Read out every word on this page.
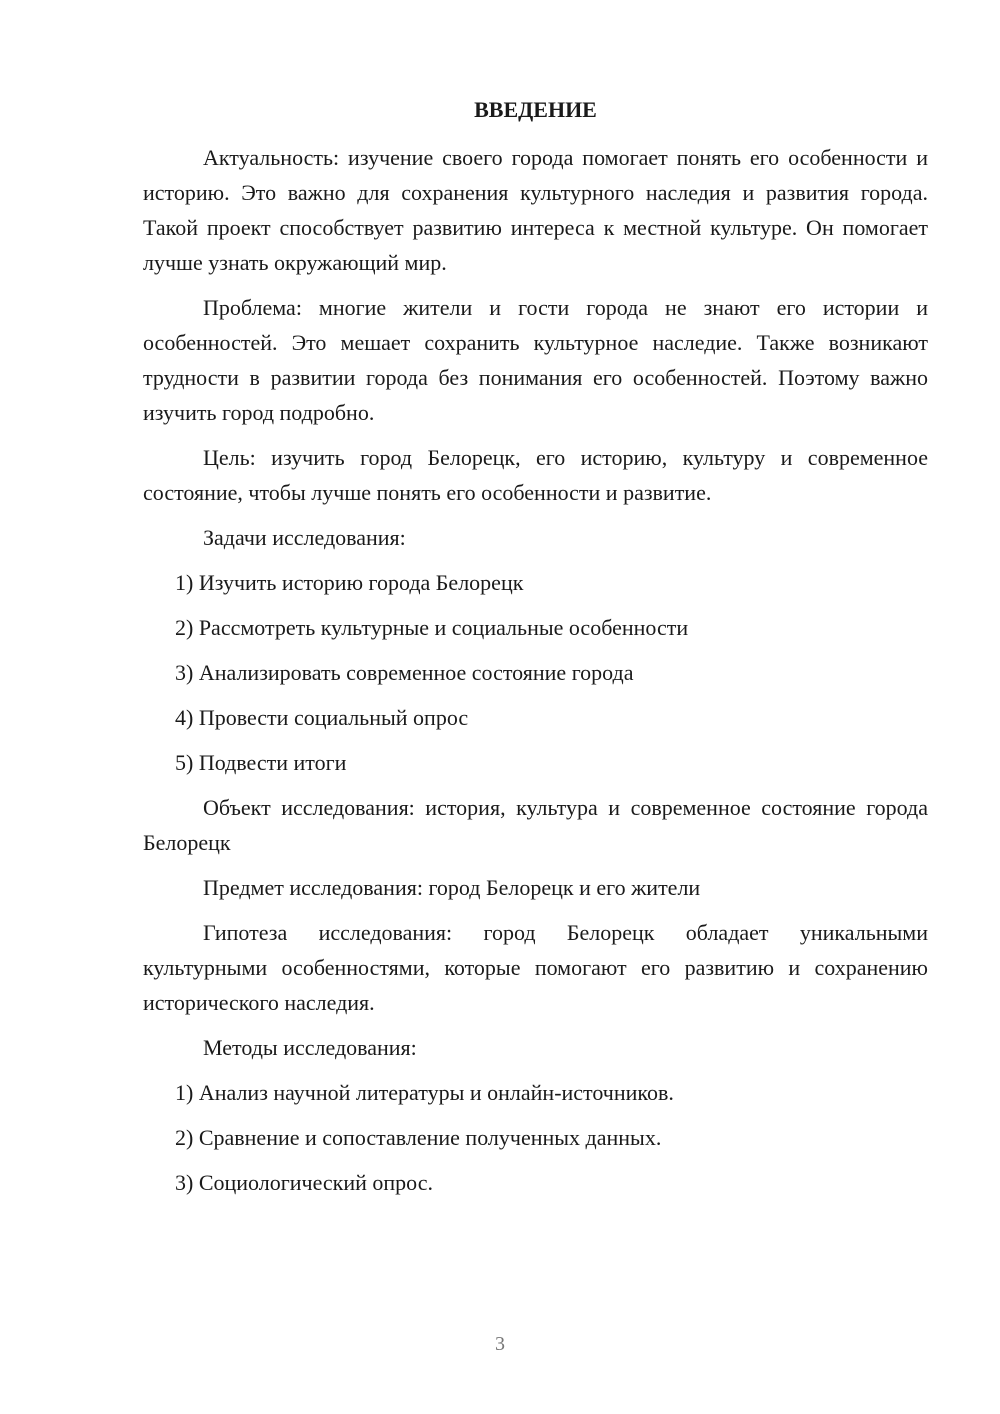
ВВЕДЕНИЕ

Актуальность: изучение своего города помогает понять его особенности и историю. Это важно для сохранения культурного наследия и развития города. Такой проект способствует развитию интереса к местной культуре. Он помогает лучше узнать окружающий мир.

Проблема: многие жители и гости города не знают его истории и особенностей. Это мешает сохранить культурное наследие. Также возникают трудности в развитии города без понимания его особенностей. Поэтому важно изучить город подробно.

Цель: изучить город Белорецк, его историю, культуру и современное состояние, чтобы лучше понять его особенности и развитие.

Задачи исследования:

1) Изучить историю города Белорецк
2) Рассмотреть культурные и социальные особенности
3) Анализировать современное состояние города
4) Провести социальный опрос
5) Подвести итоги

Объект исследования: история, культура и современное состояние города Белорецк

Предмет исследования: город Белорецк и его жители

Гипотеза исследования: город Белорецк обладает уникальными культурными особенностями, которые помогают его развитию и сохранению исторического наследия.

Методы исследования:

1) Анализ научной литературы и онлайн-источников.
2) Сравнение и сопоставление полученных данных.
3) Социологический опрос.
3
